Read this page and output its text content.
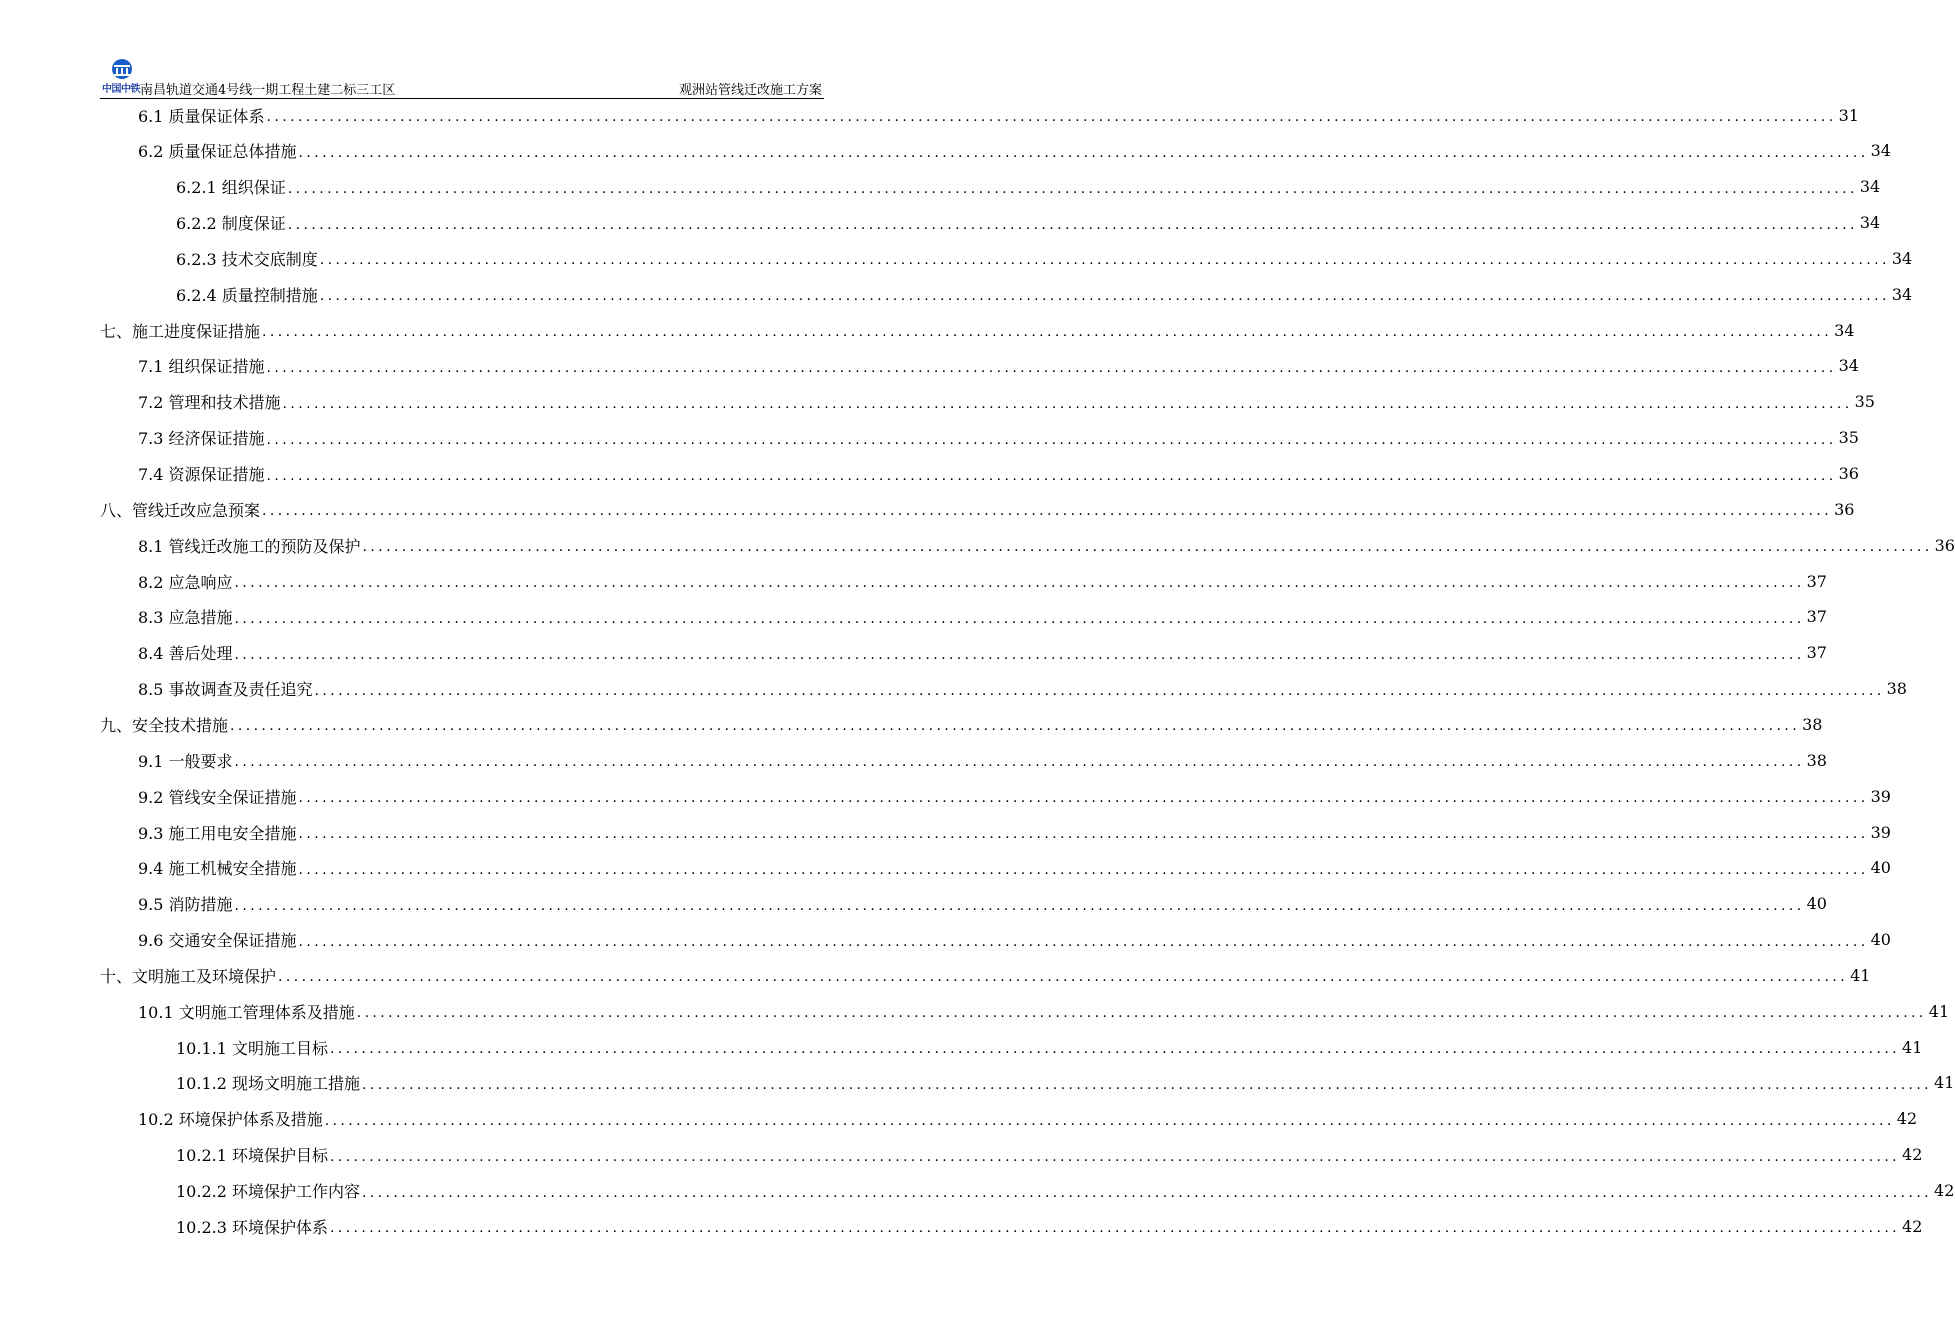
中国中铁 南昌轨道交通4号线一期工程土建二标三工区	观洲站管线迁改施工方案
6.1 质量保证体系 ........................................................................................................................................................................................................ 31
6.2 质量保证总体措施 ........................................................................................................................................................................................................ 34
6.2.1 组织保证 ........................................................................................................................................................................................................ 34
6.2.2 制度保证 ........................................................................................................................................................................................................ 34
6.2.3 技术交底制度 ........................................................................................................................................................................................................ 34
6.2.4 质量控制措施 ........................................................................................................................................................................................................ 34
七、施工进度保证措施 ........................................................................................................................................................................................................ 34
7.1 组织保证措施 ........................................................................................................................................................................................................ 34
7.2 管理和技术措施 ........................................................................................................................................................................................................ 35
7.3 经济保证措施 ........................................................................................................................................................................................................ 35
7.4 资源保证措施 ........................................................................................................................................................................................................ 36
八、管线迁改应急预案 ........................................................................................................................................................................................................ 36
8.1 管线迁改施工的预防及保护 ........................................................................................................................................................................................................ 36
8.2 应急响应 ........................................................................................................................................................................................................ 37
8.3 应急措施 ........................................................................................................................................................................................................ 37
8.4 善后处理 ........................................................................................................................................................................................................ 37
8.5 事故调查及责任追究 ........................................................................................................................................................................................................ 38
九、安全技术措施 ........................................................................................................................................................................................................ 38
9.1 一般要求 ........................................................................................................................................................................................................ 38
9.2 管线安全保证措施 ........................................................................................................................................................................................................ 39
9.3 施工用电安全措施 ........................................................................................................................................................................................................ 39
9.4 施工机械安全措施 ........................................................................................................................................................................................................ 40
9.5 消防措施 ........................................................................................................................................................................................................ 40
9.6 交通安全保证措施 ........................................................................................................................................................................................................ 40
十、文明施工及环境保护 ........................................................................................................................................................................................................ 41
10.1 文明施工管理体系及措施 ........................................................................................................................................................................................................ 41
10.1.1 文明施工目标 ........................................................................................................................................................................................................ 41
10.1.2 现场文明施工措施 ........................................................................................................................................................................................................ 41
10.2 环境保护体系及措施 ........................................................................................................................................................................................................ 42
10.2.1 环境保护目标 ........................................................................................................................................................................................................ 42
10.2.2 环境保护工作内容 ........................................................................................................................................................................................................ 42
10.2.3 环境保护体系 ........................................................................................................................................................................................................ 42
